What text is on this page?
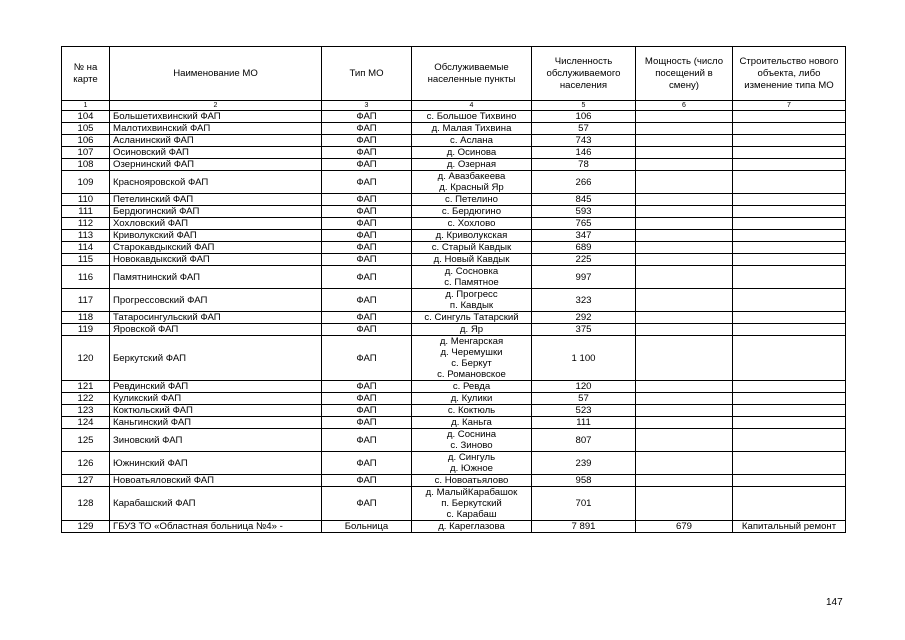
№ на карте	Наименование МО	Тип МО	Обслуживаемые населенные пункты	Численность обслуживаемого населения	Мощность (число посещений в смену)	Строительство нового объекта, либо изменение типа МО
1	2	3	4	5	6	7
104	Большетихвинский ФАП	ФАП	с. Большое Тихвино	106		
105	Малотихвинский ФАП	ФАП	д. Малая Тихвина	57		
106	Асланинский ФАП	ФАП	с. Аслана	743		
107	Осиновский ФАП	ФАП	д. Осинова	146		
108	Озернинский ФАП	ФАП	д. Озерная	78		
109	Краснояровской ФАП	ФАП	д. Авазбакеева
д. Красный Яр	266		
110	Петелинский ФАП	ФАП	с. Петелино	845		
111	Бердюгинский ФАП	ФАП	с. Бердюгино	593		
112	Хохловский ФАП	ФАП	с. Хохлово	765		
113	Криволукский ФАП	ФАП	д. Криволукская	347		
114	Старокавдыкский ФАП	ФАП	с. Старый Кавдык	689		
115	Новокавдыкский ФАП	ФАП	д. Новый Кавдык	225		
116	Памятнинский ФАП	ФАП	д. Сосновка
с. Памятное	997		
117	Прогрессовский ФАП	ФАП	д. Прогресс
п. Кавдык	323		
118	Татаросингульский ФАП	ФАП	с. Сингуль Татарский	292		
119	Яровской ФАП	ФАП	д. Яр	375		
120	Беркутский ФАП	ФАП	д. Менгарская
д. Черемушки
с. Беркут
с. Романовское	1 100		
121	Ревдинский ФАП	ФАП	с. Ревда	120		
122	Куликский ФАП	ФАП	д. Кулики	57		
123	Коктюльский ФАП	ФАП	с. Коктюль	523		
124	Каньгинский ФАП	ФАП	д. Каньга	111		
125	Зиновский ФАП	ФАП	д. Соснина
с. Зиново	807		
126	Южнинский ФАП	ФАП	д. Сингуль
д. Южное	239		
127	Новоатьяловский ФАП	ФАП	с. Новоатьялово	958		
128	Карабашский ФАП	ФАП	д. МалыйКарабашок
п. Беркутский
с. Карабаш	701		
129	ГБУЗ ТО «Областная больница №4» -	Больница	д. Кареглазова	7 891	679	Капитальный ремонт
147
